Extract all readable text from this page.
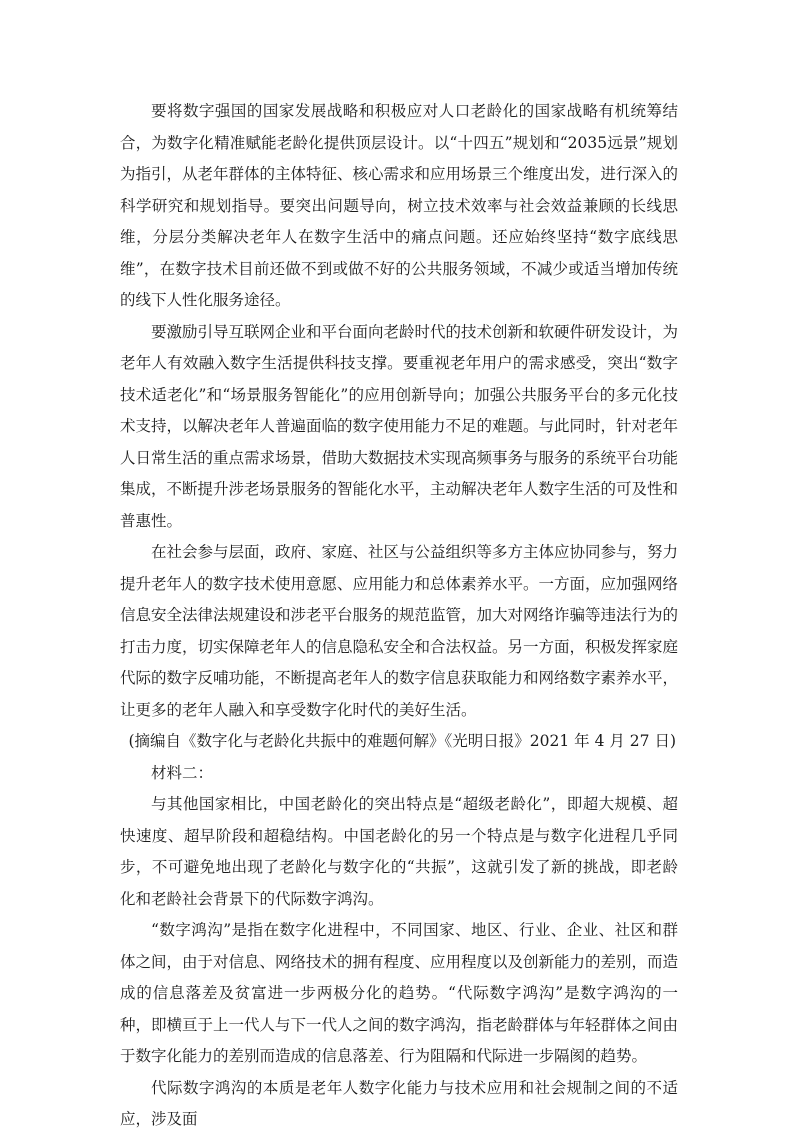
要将数字强国的国家发展战略和积极应对人口老龄化的国家战略有机统筹结合，为数字化精准赋能老龄化提供顶层设计。以“十四五”规划和“2035远景”规划为指引，从老年群体的主体特征、核心需求和应用场景三个维度出发，进行深入的科学研究和规划指导。要突出问题导向，树立技术效率与社会效益兼顾的长线思维，分层分类解决老年人在数字生活中的痛点问题。还应始终坚持“数字底线思维”，在数字技术目前还做不到或做不好的公共服务领域，不减少或适当增加传统的线下人性化服务途径。

要激励引导互联网企业和平台面向老龄时代的技术创新和软硬件研发设计，为老年人有效融入数字生活提供科技支撑。要重视老年用户的需求感受，突出“数字技术适老化”和“场景服务智能化”的应用创新导向；加强公共服务平台的多元化技术支持，以解决老年人普遍面临的数字使用能力不足的难题。与此同时，针对老年人日常生活的重点需求场景，借助大数据技术实现高频事务与服务的系统平台功能集成，不断提升涉老场景服务的智能化水平，主动解决老年人数字生活的可及性和普惠性。

在社会参与层面，政府、家庭、社区与公益组织等多方主体应协同参与，努力提升老年人的数字技术使用意愿、应用能力和总体素养水平。一方面，应加强网络信息安全法律法规建设和涉老平台服务的规范监管，加大对网络诈骗等违法行为的打击力度，切实保障老年人的信息隐私安全和合法权益。另一方面，积极发挥家庭代际的数字反哺功能，不断提高老年人的数字信息获取能力和网络数字素养水平，让更多的老年人融入和享受数字化时代的美好生活。

(摘编自《数字化与老龄化共振中的难题何解》《光明日报》2021 年 4 月 27 日)

材料二：

与其他国家相比，中国老龄化的突出特点是“超级老龄化”，即超大规模、超快速度、超早阶段和超稳结构。中国老龄化的另一个特点是与数字化进程几乎同步，不可避免地出现了老龄化与数字化的“共振”，这就引发了新的挑战，即老龄化和老龄社会背景下的代际数字鸿沟。

“数字鸿沟”是指在数字化进程中，不同国家、地区、行业、企业、社区和群体之间，由于对信息、网络技术的拥有程度、应用程度以及创新能力的差别，而造成的信息落差及贫富进一步两极分化的趋势。“代际数字鸿沟”是数字鸿沟的一种，即横亘于上一代人与下一代人之间的数字鸿沟，指老龄群体与年轻群体之间由于数字化能力的差别而造成的信息落差、行为阻隔和代际进一步隔阂的趋势。

代际数字鸿沟的本质是老年人数字化能力与技术应用和社会规制之间的不适应，涉及面
